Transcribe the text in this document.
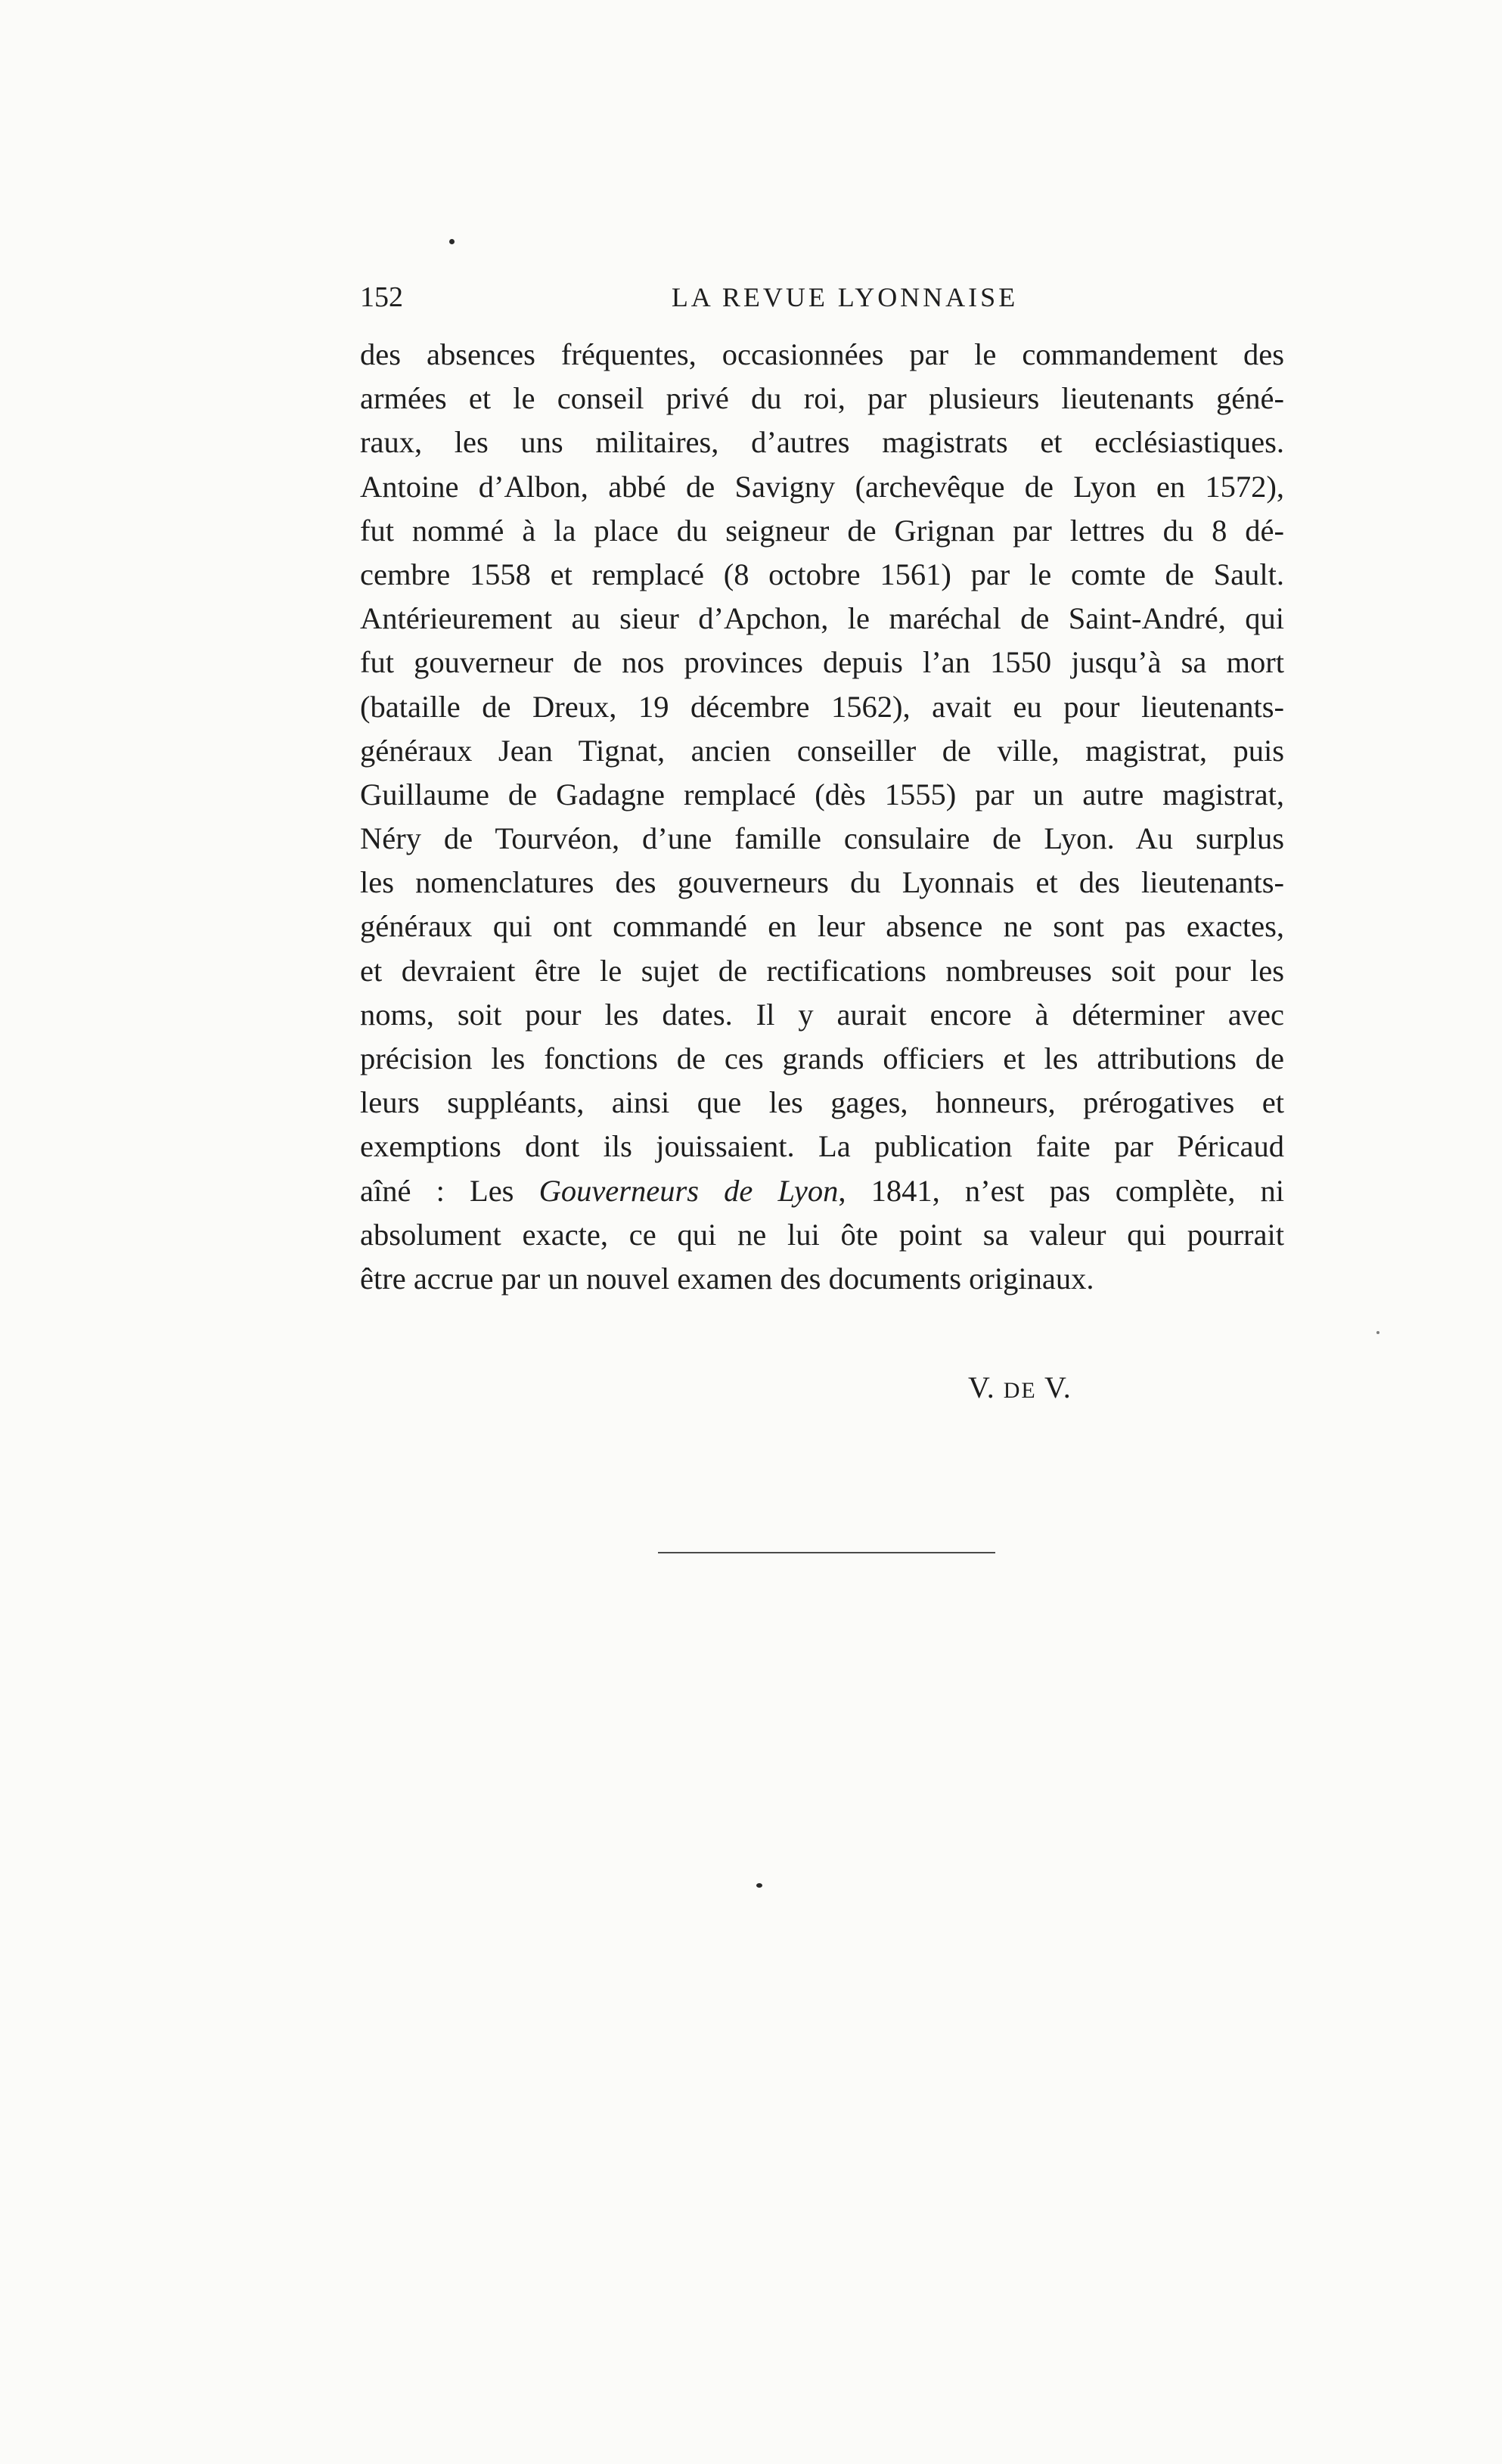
152	LA REVUE LYONNAISE
des absences fréquentes, occasionnées par le commandement des
armées et le conseil privé du roi, par plusieurs lieutenants géné-
raux, les uns militaires, d’autres magistrats et ecclésiastiques.
Antoine d’Albon, abbé de Savigny (archevêque de Lyon en 1572),
fut nommé à la place du seigneur de Grignan par lettres du 8 dé-
cembre 1558 et remplacé (8 octobre 1561) par le comte de Sault.
Antérieurement au sieur d’Apchon, le maréchal de Saint-André, qui
fut gouverneur de nos provinces depuis l’an 1550 jusqu’à sa mort
(bataille de Dreux, 19 décembre 1562), avait eu pour lieutenants-
généraux Jean Tignat, ancien conseiller de ville, magistrat, puis
Guillaume de Gadagne remplacé (dès 1555) par un autre magistrat,
Néry de Tourvéon, d’une famille consulaire de Lyon. Au surplus
les nomenclatures des gouverneurs du Lyonnais et des lieutenants-
généraux qui ont commandé en leur absence ne sont pas exactes,
et devraient être le sujet de rectifications nombreuses soit pour les
noms, soit pour les dates. Il y aurait encore à déterminer avec
précision les fonctions de ces grands officiers et les attributions de
leurs suppléants, ainsi que les gages, honneurs, prérogatives et
exemptions dont ils jouissaient. La publication faite par Péricaud
aîné : Les Gouverneurs de Lyon, 1841, n’est pas complète, ni
absolument exacte, ce qui ne lui ôte point sa valeur qui pourrait
être accrue par un nouvel examen des documents originaux.
V. DE V.
